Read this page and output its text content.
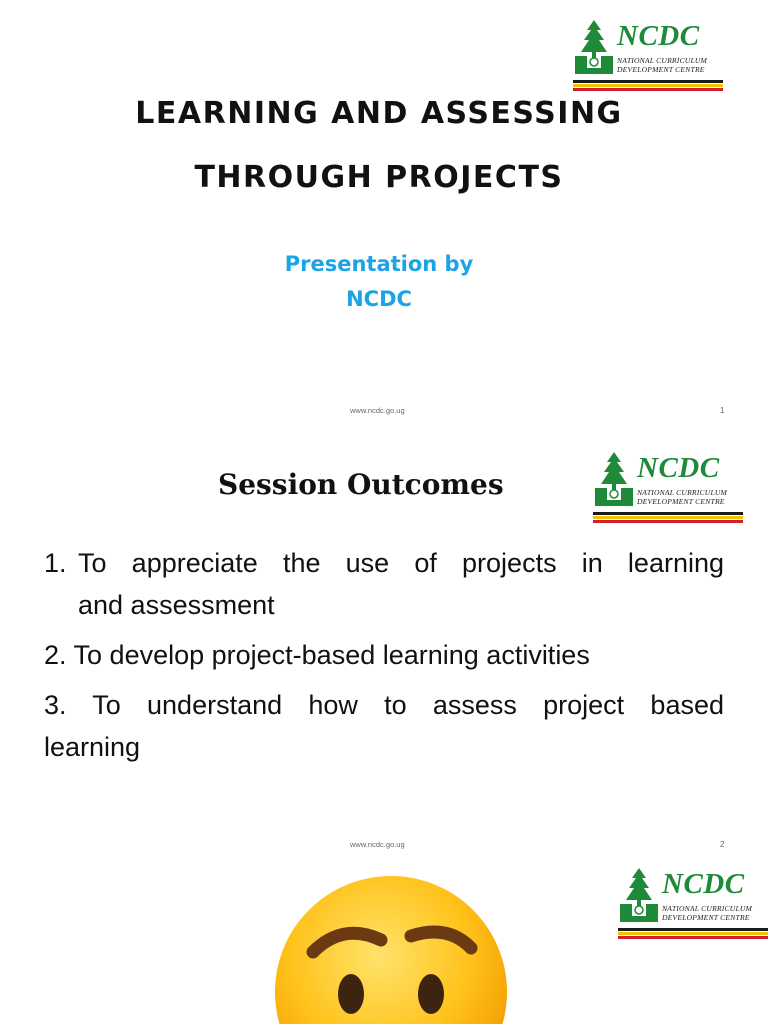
NCDC
NATIONAL CURRICULUM
DEVELOPMENT CENTRE
LEARNING AND ASSESSING
THROUGH PROJECTS
Presentation by
NCDC
www.ncdc.go.ug	1
NCDC
NATIONAL CURRICULUM
DEVELOPMENT CENTRE
Session Outcomes
1. To appreciate the use of projects in learning
and assessment
2. To develop project-based learning activities
3. To understand how to assess project based
learning
www.ncdc.go.ug	2
NCDC
NATIONAL CURRICULUM
DEVELOPMENT CENTRE
